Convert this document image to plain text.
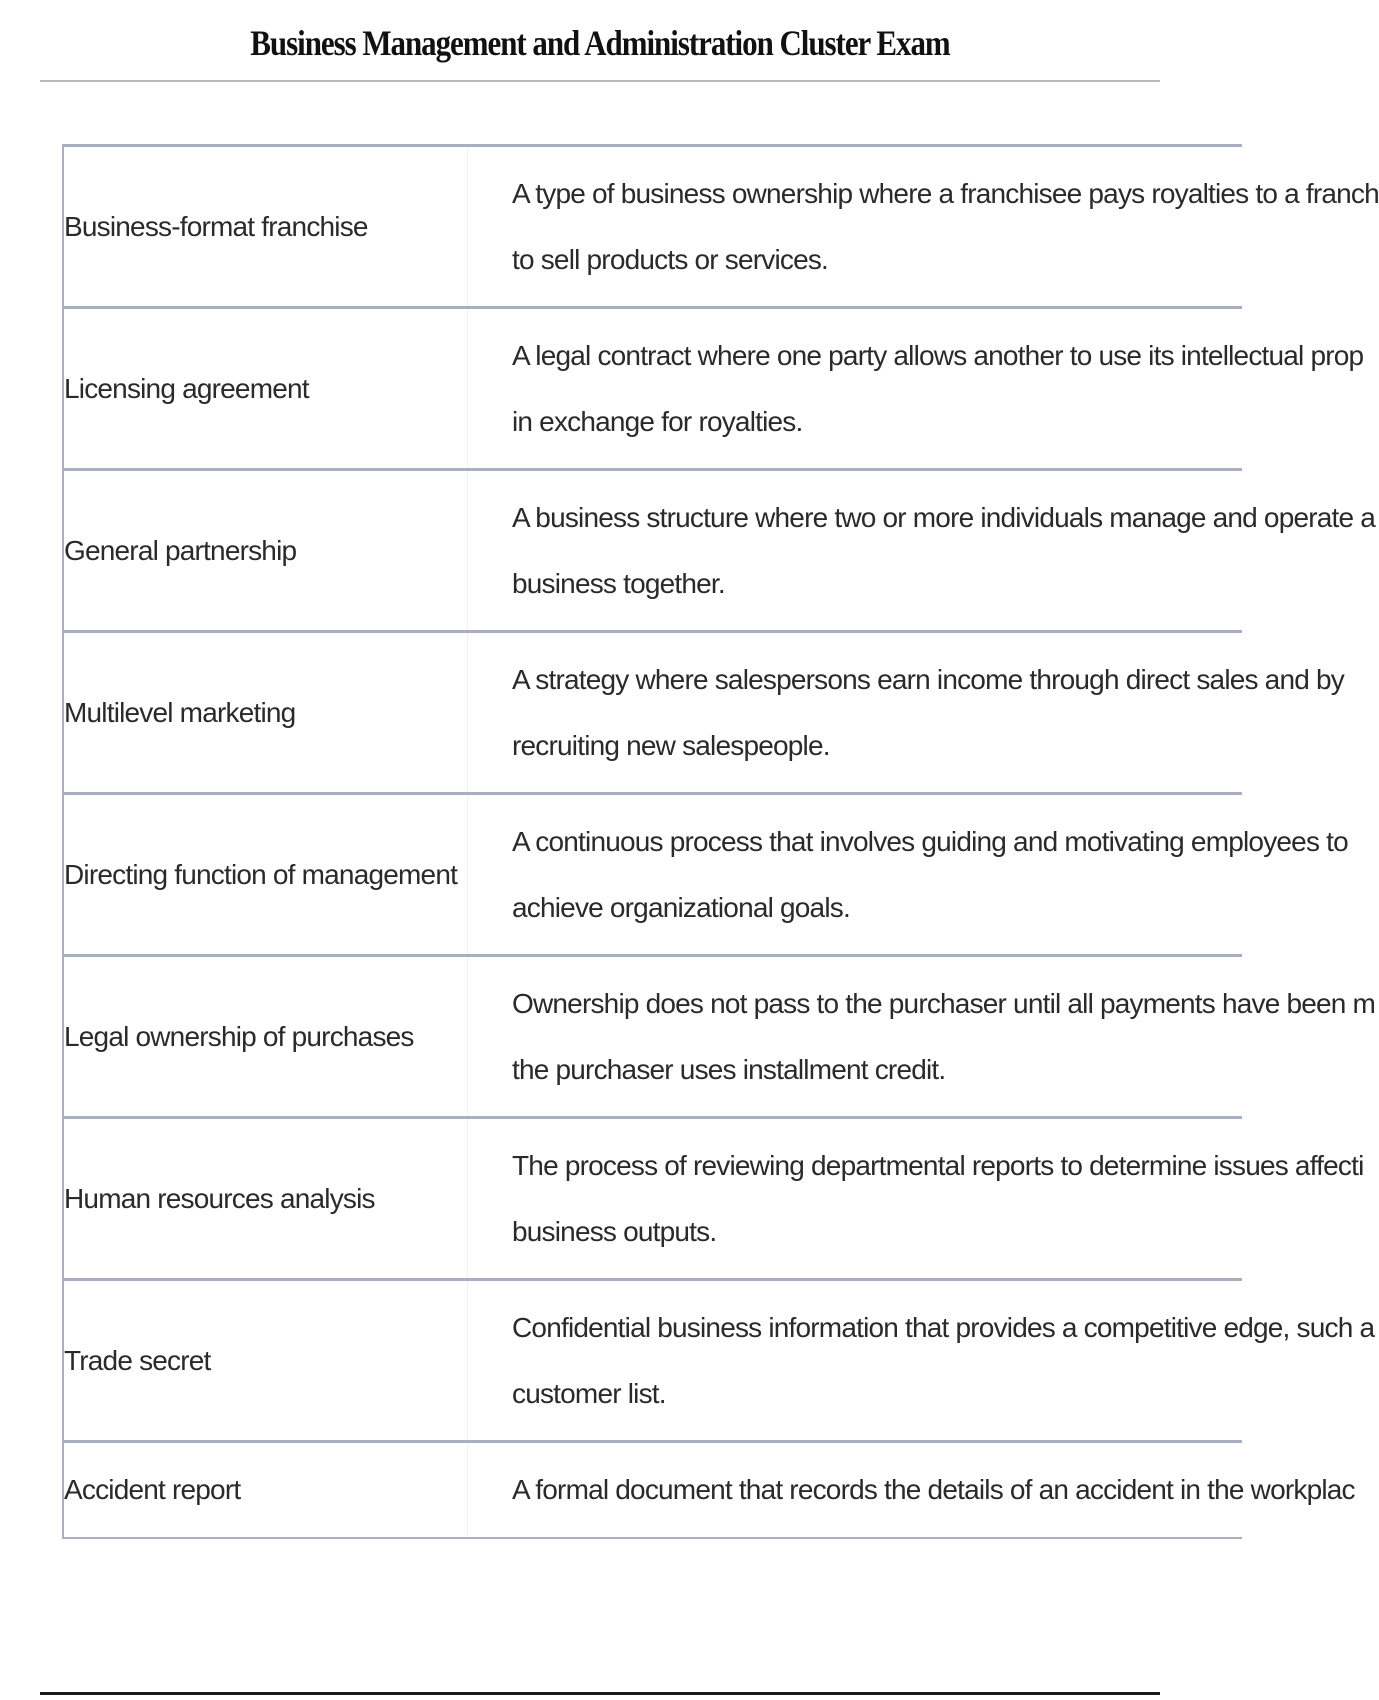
Business Management and Administration Cluster Exam
Business-format franchise	A type of business ownership where a franchisee pays royalties to a franch
to sell products or services.

Licensing agreement	A legal contract where one party allows another to use its intellectual prop
in exchange for royalties.

General partnership	A business structure where two or more individuals manage and operate a
business together.

Multilevel marketing	A strategy where salespersons earn income through direct sales and by
recruiting new salespeople.

Directing function of management	A continuous process that involves guiding and motivating employees to
achieve organizational goals.

Legal ownership of purchases	Ownership does not pass to the purchaser until all payments have been m
the purchaser uses installment credit.

Human resources analysis	The process of reviewing departmental reports to determine issues affecti
business outputs.

Trade secret	Confidential business information that provides a competitive edge, such a
customer list.

Accident report	A formal document that records the details of an accident in the workplac
